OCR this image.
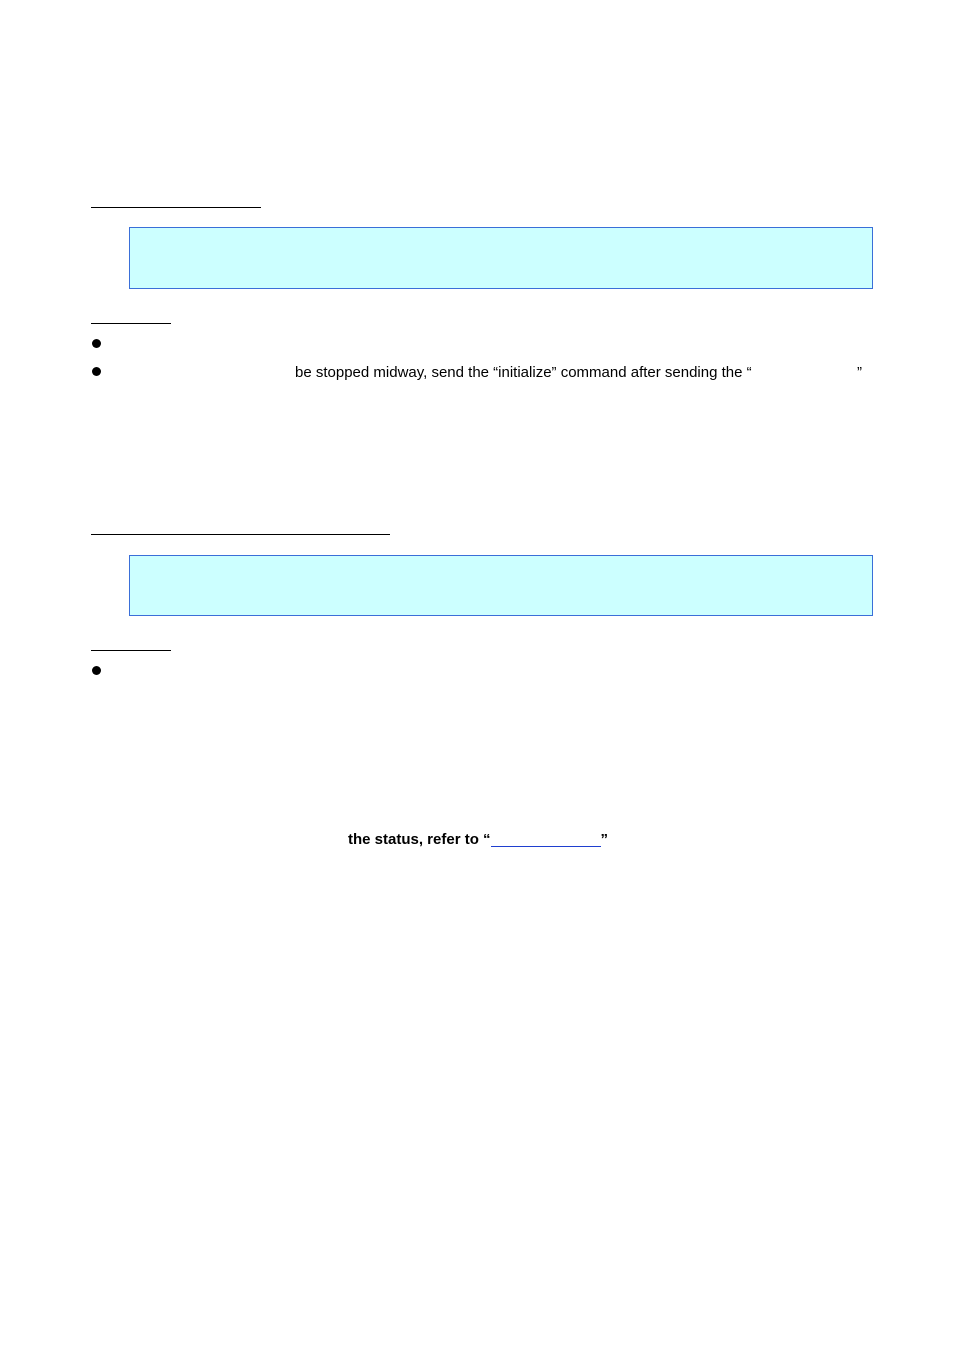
be stopped midway, send the “initialize” command after sending the “	”
the status, refer to “	”
